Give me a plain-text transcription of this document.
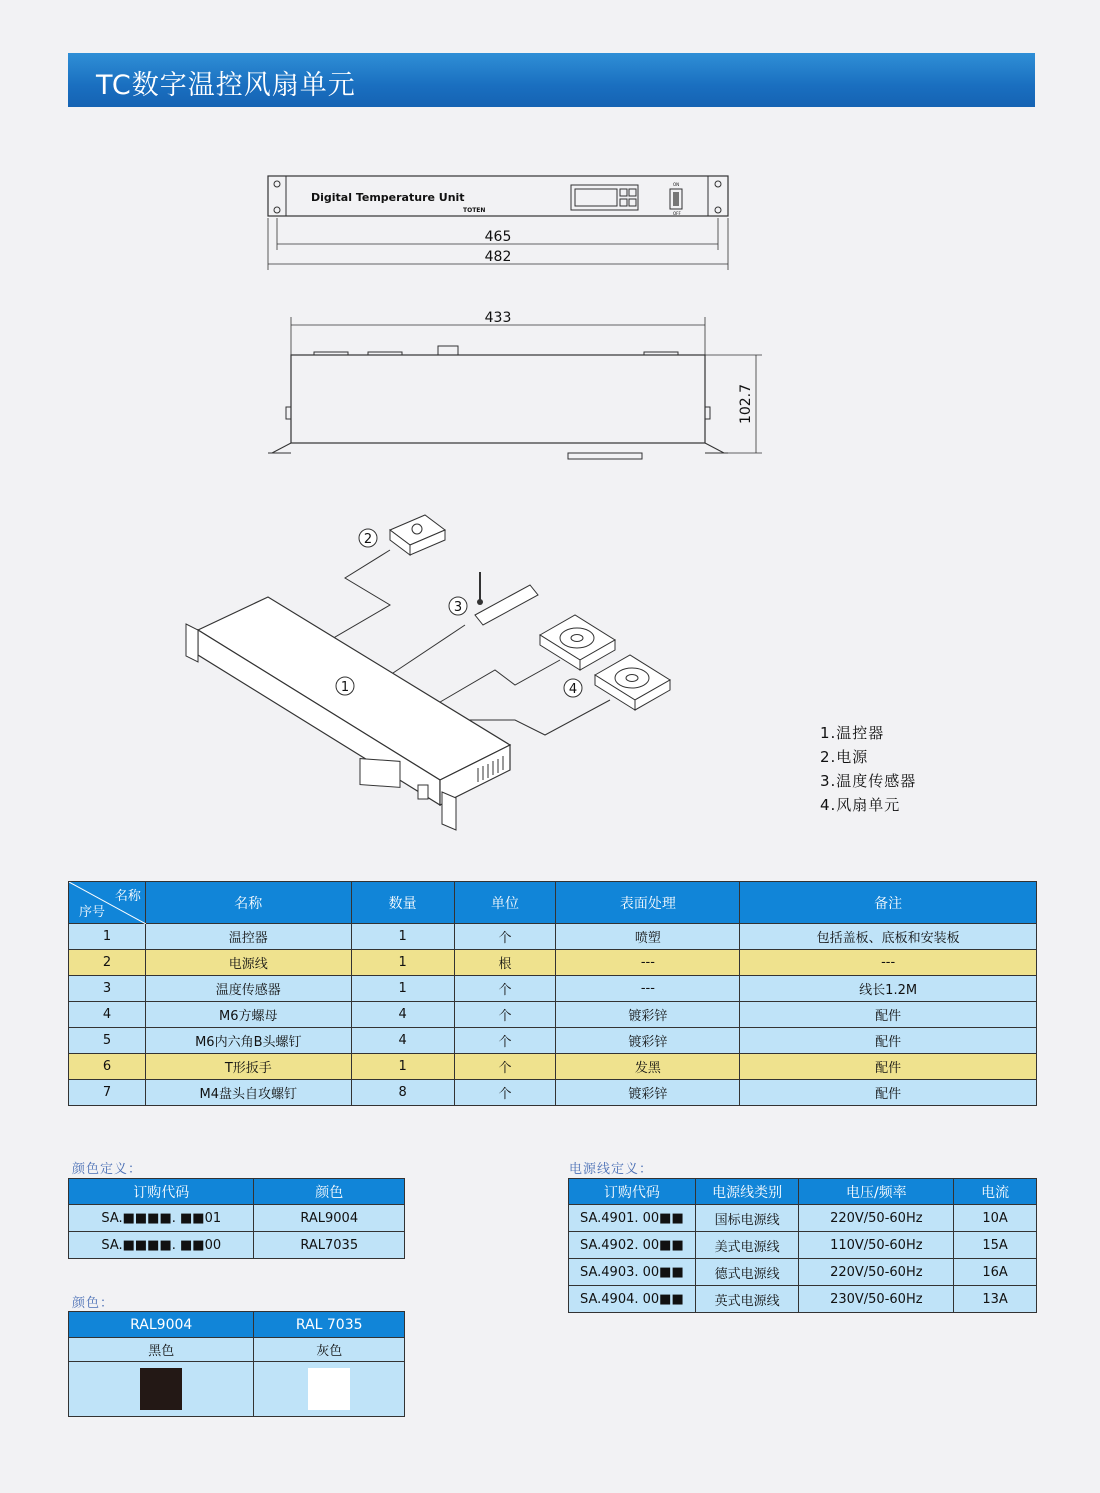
TC数字温控风扇单元
Digital Temperature Unit
TOTEN
ON
OFF
465
482
433
102.7
1
2
3
4
1.温控器
2.电源
3.温度传感器
4.风扇单元
名称
序号	名称	数量	单位	表面处理	备注
1	温控器	1	个	喷塑	包括盖板、底板和安装板
2	电源线	1	根	---	---
3	温度传感器	1	个	---	线长1.2M
4	M6方螺母	4	个	镀彩锌	配件
5	M6内六角B头螺钉	4	个	镀彩锌	配件
6	T形扳手	1	个	发黑	配件
7	M4盘头自攻螺钉	8	个	镀彩锌	配件
颜色定义：
订购代码	颜色
SA.■■■■. ■■01	RAL9004
SA.■■■■. ■■00	RAL7035
颜色：
RAL9004	RAL 7035
黑色	灰色

电源线定义：
订购代码	电源线类别	电压/频率	电流
SA.4901. 00■■	国标电源线	220V/50-60Hz	10A
SA.4902. 00■■	美式电源线	110V/50-60Hz	15A
SA.4903. 00■■	德式电源线	220V/50-60Hz	16A
SA.4904. 00■■	英式电源线	230V/50-60Hz	13A
